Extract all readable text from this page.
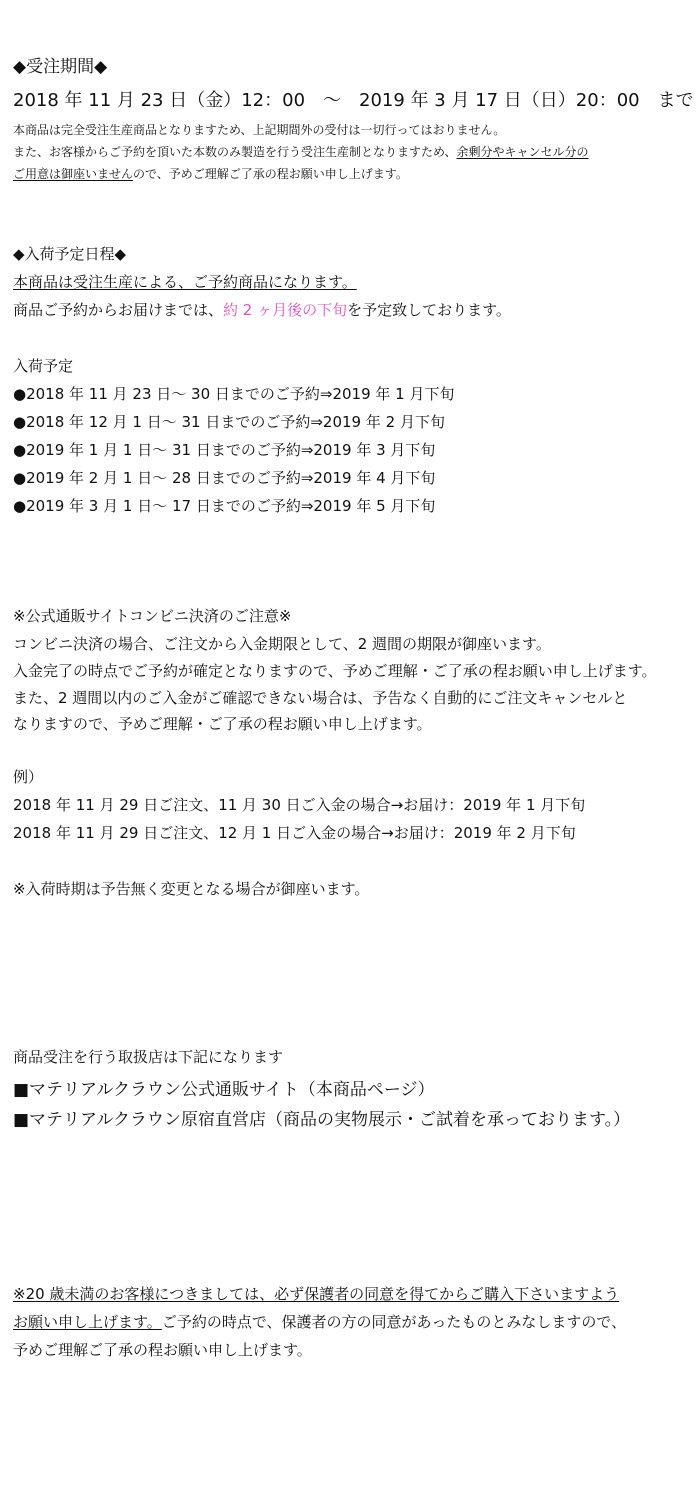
◆受注期間◆
2018 年 11 月 23 日（金）12：00　～　2019 年 3 月 17 日（日）20：00　まで
本商品は完全受注生産商品となりますため、上記期間外の受付は一切行ってはおりません。
また、お客様からご予約を頂いた本数のみ製造を行う受注生産制となりますため、余剰分やキャンセル分の
ご用意は御座いませんので、予めご理解ご了承の程お願い申し上げます。
◆入荷予定日程◆
本商品は受注生産による、ご予約商品になります。
商品ご予約からお届けまでは、約 2 ヶ月後の下旬を予定致しております。
入荷予定
●2018 年 11 月 23 日～ 30 日までのご予約⇒2019 年 1 月下旬
●2018 年 12 月 1 日～ 31 日までのご予約⇒2019 年 2 月下旬
●2019 年 1 月 1 日～ 31 日までのご予約⇒2019 年 3 月下旬
●2019 年 2 月 1 日～ 28 日までのご予約⇒2019 年 4 月下旬
●2019 年 3 月 1 日～ 17 日までのご予約⇒2019 年 5 月下旬
※公式通販サイトコンビニ決済のご注意※
コンビニ決済の場合、ご注文から入金期限として、2 週間の期限が御座います。
入金完了の時点でご予約が確定となりますので、予めご理解・ご了承の程お願い申し上げます。
また、2 週間以内のご入金がご確認できない場合は、予告なく自動的にご注文キャンセルと
なりますので、予めご理解・ご了承の程お願い申し上げます。
例）
2018 年 11 月 29 日ご注文、11 月 30 日ご入金の場合→お届け：2019 年 1 月下旬
2018 年 11 月 29 日ご注文、12 月 1 日ご入金の場合→お届け：2019 年 2 月下旬
※入荷時期は予告無く変更となる場合が御座います。
商品受注を行う取扱店は下記になります
■マテリアルクラウン公式通販サイト（本商品ページ）
■マテリアルクラウン原宿直営店（商品の実物展示・ご試着を承っております。）
※20 歳未満のお客様につきましては、必ず保護者の同意を得てからご購入下さいますよう
お願い申し上げます。ご予約の時点で、保護者の方の同意があったものとみなしますので、
予めご理解ご了承の程お願い申し上げます。
